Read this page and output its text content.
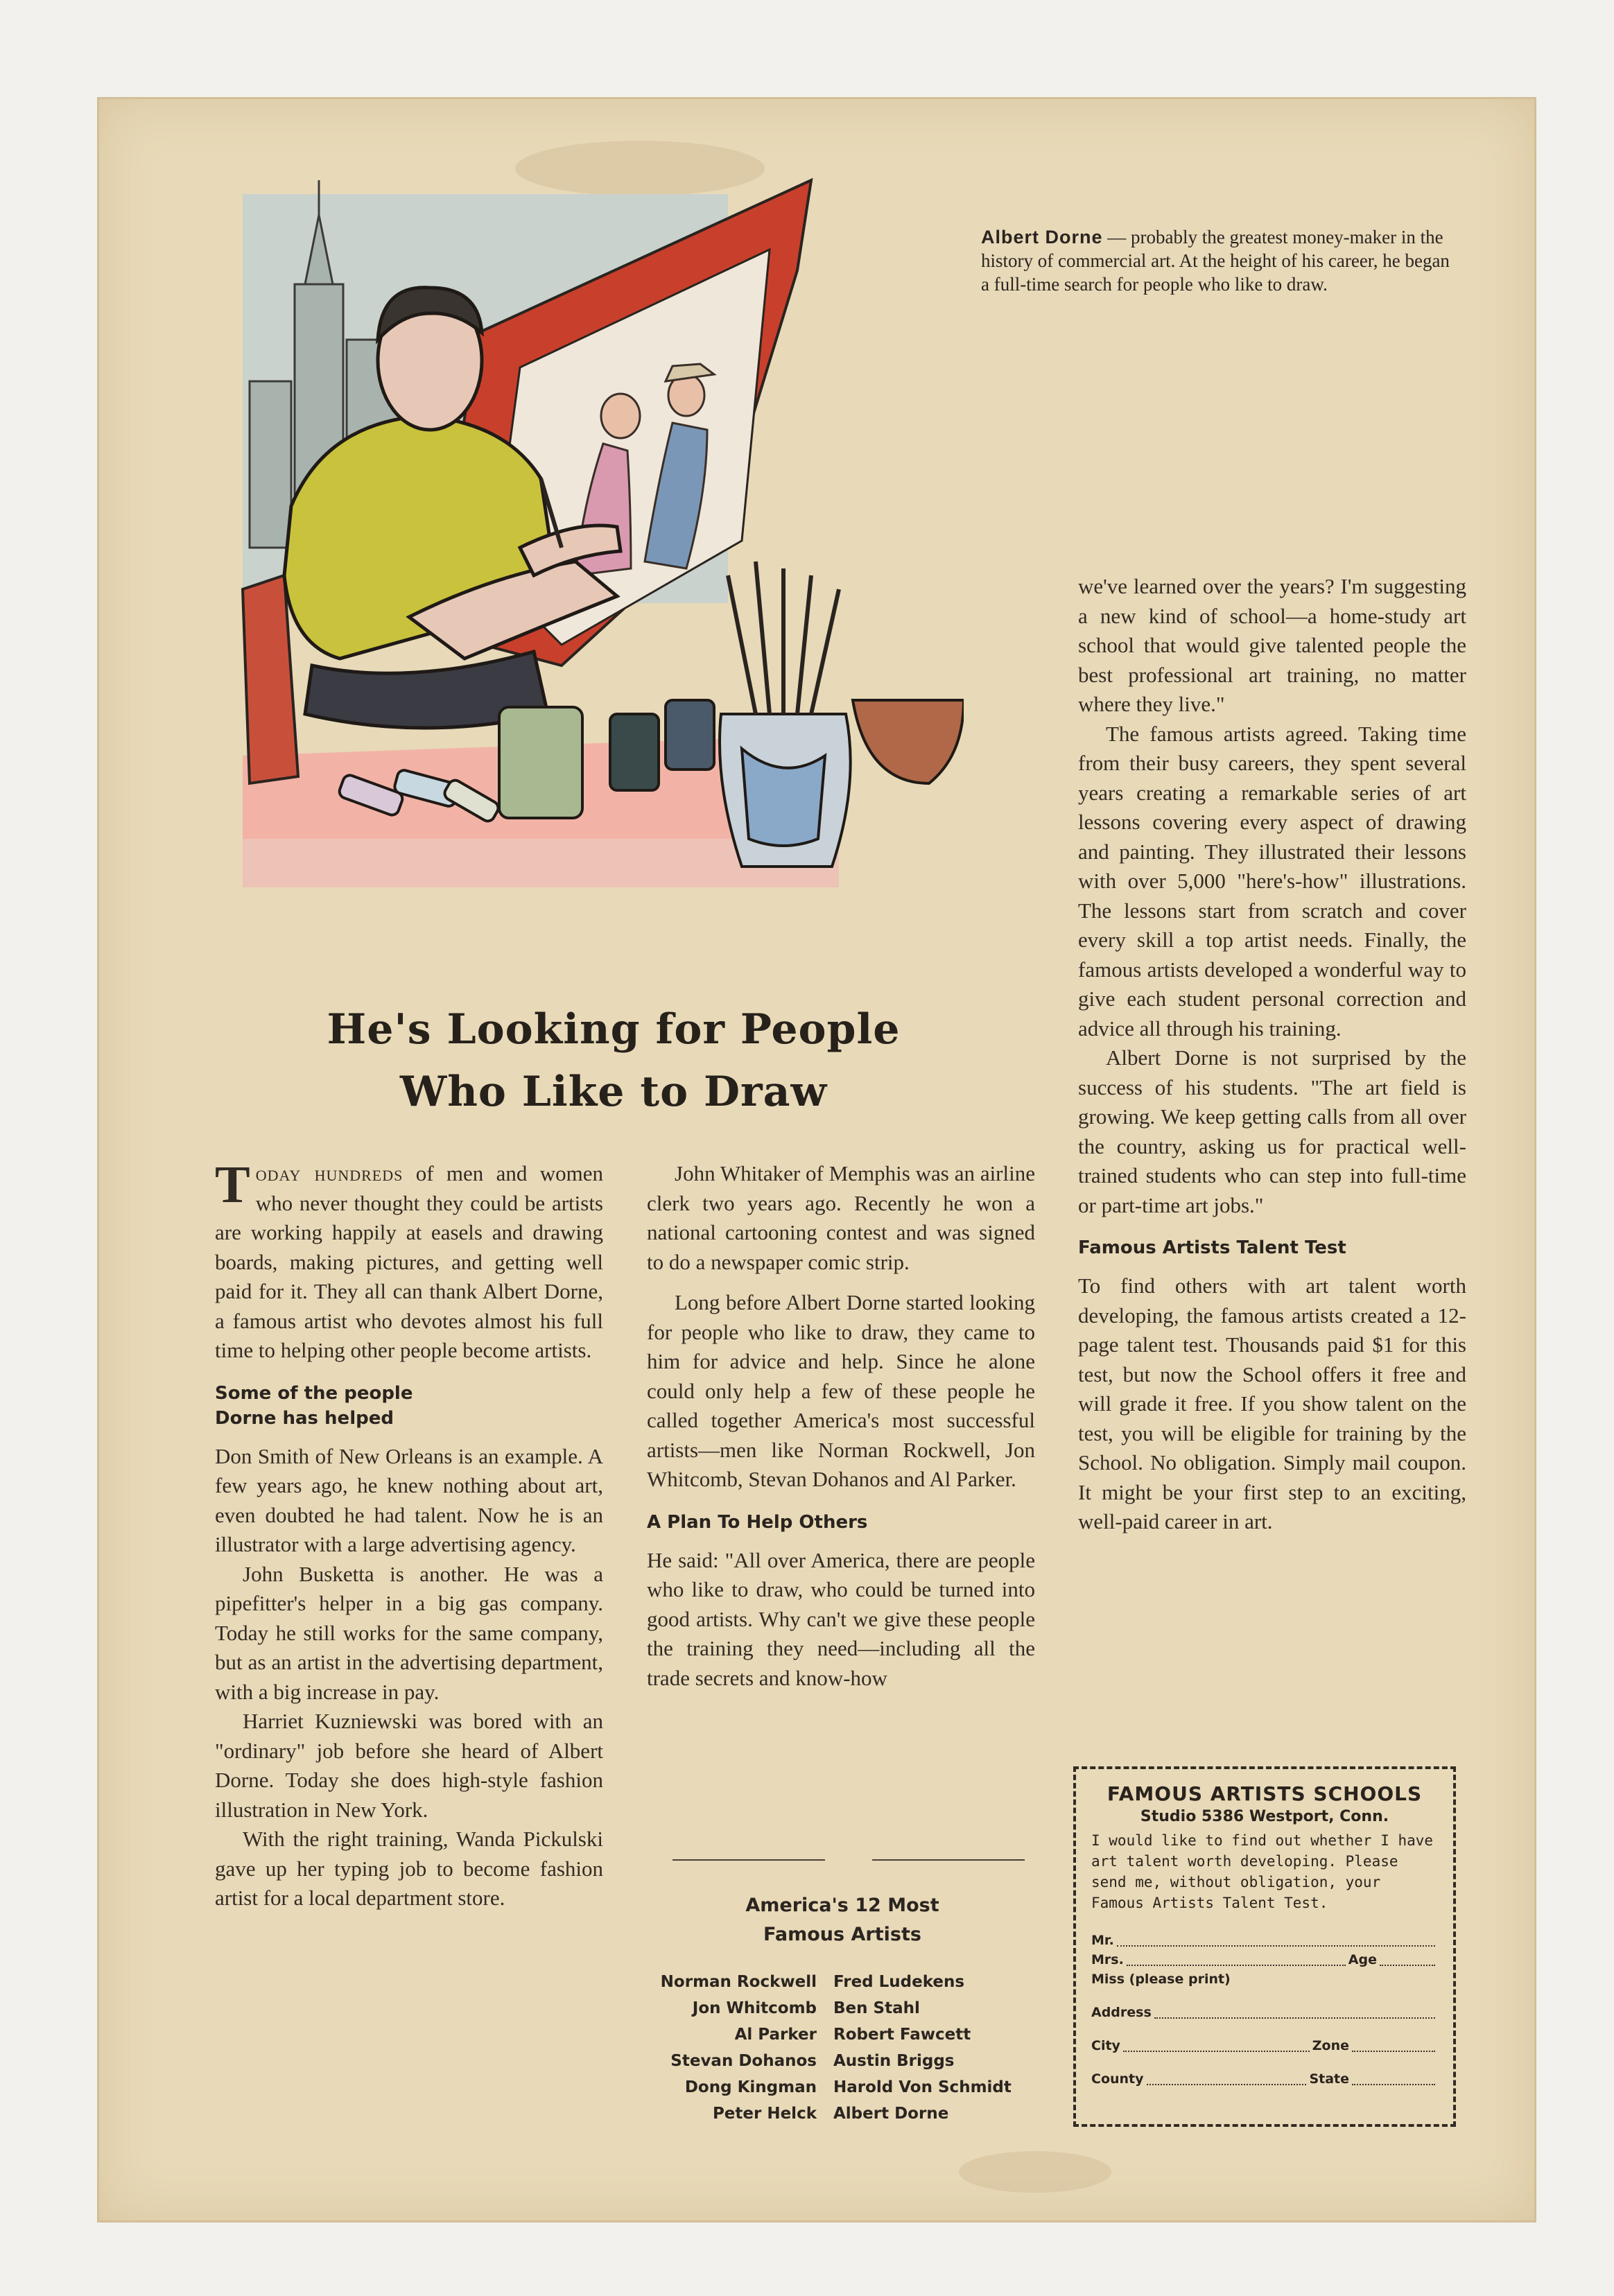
Albert Dorne — probably the greatest money-maker in the history of commercial art. At the height of his career, he began a full-time search for people who like to draw.
He's Looking for People
Who Like to Draw

Today hundreds of men and women who never thought they could be artists are working happily at easels and drawing boards, making pictures, and getting well paid for it. They all can thank Albert Dorne, a famous artist who devotes almost his full time to helping other people become artists.

Some of the people
Dorne has helped

Don Smith of New Orleans is an example. A few years ago, he knew nothing about art, even doubted he had talent. Now he is an illustrator with a large advertising agency.

John Busketta is another. He was a pipefitter's helper in a big gas company. Today he still works for the same company, but as an artist in the advertising department, with a big increase in pay.

Harriet Kuzniewski was bored with an "ordinary" job before she heard of Albert Dorne. Today she does high-style fashion illustration in New York.

With the right training, Wanda Pickulski gave up her typing job to become fashion artist for a local department store.

John Whitaker of Memphis was an airline clerk two years ago. Recently he won a national cartooning contest and was signed to do a newspaper comic strip.

Long before Albert Dorne started looking for people who like to draw, they came to him for advice and help. Since he alone could only help a few of these people he called together America's most successful artists—men like Norman Rockwell, Jon Whitcomb, Stevan Dohanos and Al Parker.

A Plan To Help Others

He said: "All over America, there are people who like to draw, who could be turned into good artists. Why can't we give these people the training they need—including all the trade secrets and know-how

America's 12 Most
Famous Artists
Norman Rockwell	Fred Ludekens
Jon Whitcomb	Ben Stahl
Al Parker	Robert Fawcett
Stevan Dohanos	Austin Briggs
Dong Kingman	Harold Von Schmidt
Peter Helck	Albert Dorne

we've learned over the years? I'm suggesting a new kind of school—a home-study art school that would give talented people the best professional art training, no matter where they live."

The famous artists agreed. Taking time from their busy careers, they spent several years creating a remarkable series of art lessons covering every aspect of drawing and painting. They illustrated their lessons with over 5,000 "here's-how" illustrations. The lessons start from scratch and cover every skill a top artist needs. Finally, the famous artists developed a wonderful way to give each student personal correction and advice all through his training.

Albert Dorne is not surprised by the success of his students. "The art field is growing. We keep getting calls from all over the country, asking us for practical well-trained students who can step into full-time or part-time art jobs."

Famous Artists Talent Test

To find others with art talent worth developing, the famous artists created a 12-page talent test. Thousands paid $1 for this test, but now the School offers it free and will grade it free. If you show talent on the test, you will be eligible for training by the School. No obligation. Simply mail coupon. It might be your first step to an exciting, well-paid career in art.

FAMOUS ARTISTS SCHOOLS
Studio 5386 Westport, Conn.
I would like to find out whether I have art talent worth developing. Please send me, without obligation, your Famous Artists Talent Test.
Mr.
Mrs.	Age
Miss (please print)
Address
City	Zone
County	State
